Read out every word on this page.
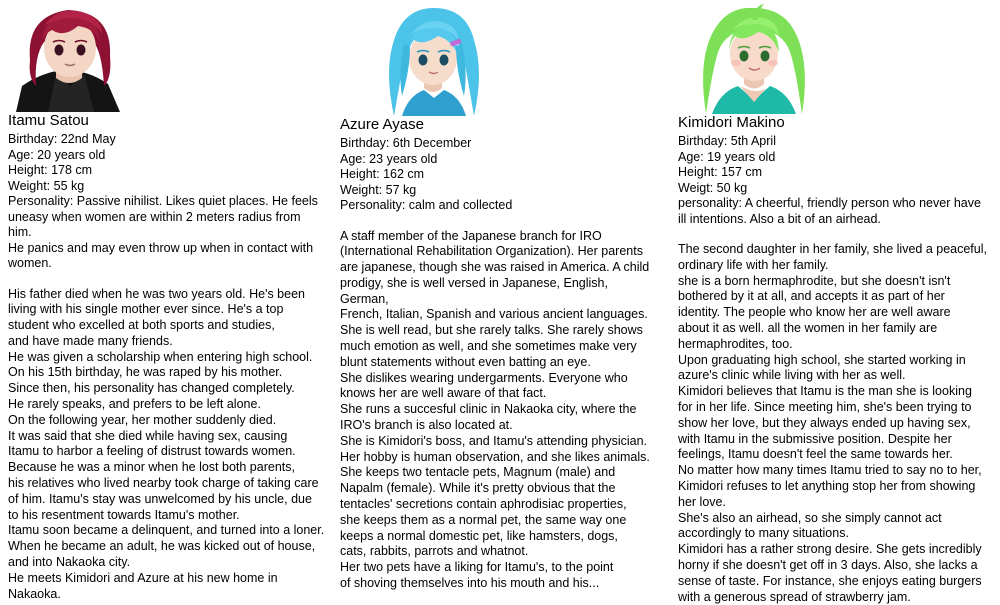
Itamu Satou
Birthday: 22nd May
Age: 20 years old
Height: 178 cm
Weight: 55 kg
Personality: Passive nihilist. Likes quiet places. He feels
uneasy when women are within 2 meters radius from him.
He panics and may even throw up when in contact with
women.

His father died when he was two years old. He's been

living with his single mother ever since. He's a top

student who excelled at both sports and studies,

and have made many friends.

He was given a scholarship when entering high school.

On his 15th birthday, he was raped by his mother.

Since then, his personality has changed completely.

He rarely speaks, and prefers to be left alone.

On the following year, her mother suddenly died.

It was said that she died while having sex, causing

Itamu to harbor a feeling of distrust towards women.

Because he was a minor when he lost both parents,

his relatives who lived nearby took charge of taking care

of him. Itamu's stay was unwelcomed by his uncle, due

to his resentment towards Itamu's mother.

Itamu soon became a delinquent, and turned into a loner.

When he became an adult, he was kicked out of house,

and into Nakaoka city.

He meets Kimidori and Azure at his new home in Nakaoka.

Azure Ayase
Birthday: 6th December
Age: 23 years old
Height: 162 cm
Weight: 57 kg
Personality: calm and collected

A staff member of the Japanese branch for IRO

(International Rehabilitation Organization). Her parents

are japanese, though she was raised in America. A child

prodigy, she is well versed in Japanese, English, German,

French, Italian, Spanish and various ancient languages.

She is well read, but she rarely talks. She rarely shows

much emotion as well, and she sometimes make very

blunt statements without even batting an eye.

She dislikes wearing undergarments. Everyone who

knows her are well aware of that fact.

She runs a succesful clinic in Nakaoka city, where the

IRO's branch is also located at.

She is Kimidori's boss, and Itamu's attending physician.

Her hobby is human observation, and she likes animals.

She keeps two tentacle pets, Magnum (male) and

Napalm (female). While it's pretty obvious that the

tentacles' secretions contain aphrodisiac properties,

she keeps them as a normal pet, the same way one

keeps a normal domestic pet, like hamsters, dogs,

cats, rabbits, parrots and whatnot.

Her two pets have a liking for Itamu's, to the point

of shoving themselves into his mouth and his...

Kimidori Makino
Birthday: 5th April
Age: 19 years old
Height: 157 cm
Weigt: 50 kg
personality: A cheerful, friendly person who never have
ill intentions. Also a bit of an airhead.

The second daughter in her family, she lived a peaceful,

ordinary life with her family.

she is a born hermaphrodite, but she doesn't isn't

bothered by it at all, and accepts it as part of her

identity. The people who know her are well aware

about it as well. all the women in her family are

hermaphrodites, too.

Upon graduating high school, she started working in

azure's clinic while living with her as well.

Kimidori believes that Itamu is the man she is looking

for in her life. Since meeting him, she's been trying to

show her love, but they always ended up having sex,

with Itamu in the submissive position. Despite her

feelings, Itamu doesn't feel the same towards her.

No matter how many times Itamu tried to say no to her,

Kimidori refuses to let anything stop her from showing

her love.

She's also an airhead, so she simply cannot act

accordingly to many situations.

Kimidori has a rather strong desire. She gets incredibly

horny if she doesn't get off in 3 days. Also, she lacks a

sense of taste. For instance, she enjoys eating burgers

with a generous spread of strawberry jam.
